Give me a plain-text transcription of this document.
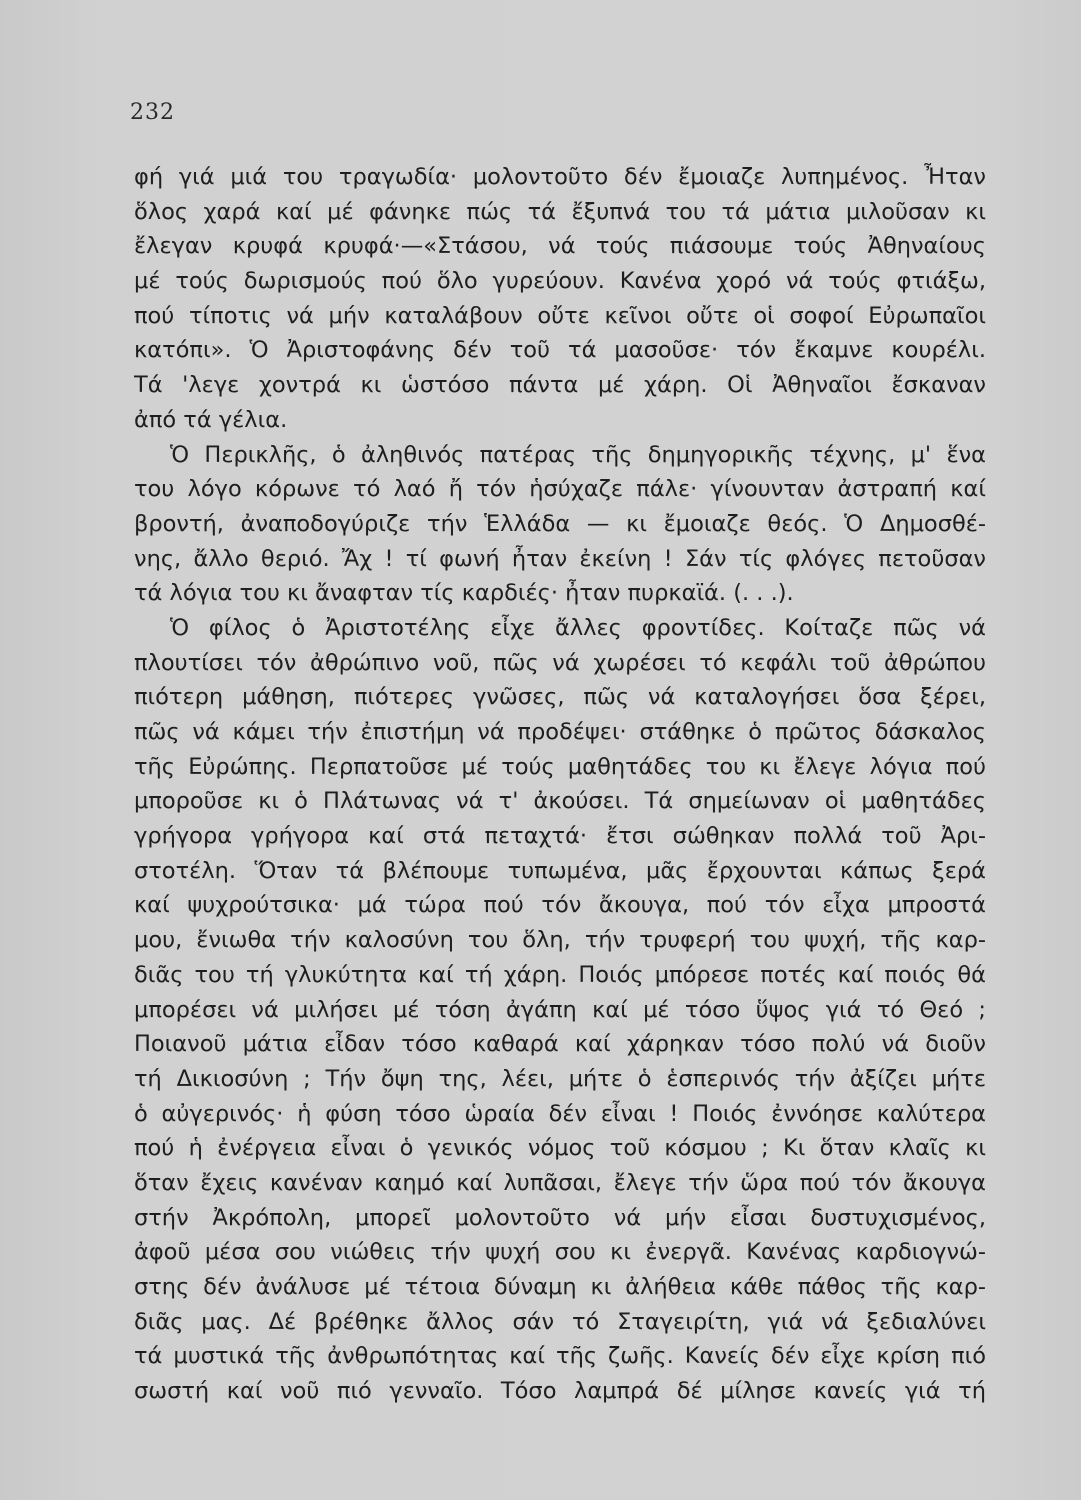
232
φή γιά μιά του τραγωδία· μολοντοῦτο δέν ἔμοιαζε λυπημένος. Ἦταν
ὅλος χαρά καί μέ φάνηκε πώς τά ἔξυπνά του τά μάτια μιλοῦσαν κι
ἔλεγαν κρυφά κρυφά·—«Στάσου, νά τούς πιάσουμε τούς Ἀθηναίους
μέ τούς δωρισμούς πού ὅλο γυρεύουν. Κανένα χορό νά τούς φτιάξω,
πού τίποτις νά μήν καταλάβουν οὔτε κεῖνοι οὔτε οἱ σοφοί Εὐρωπαῖοι
κατόπι». Ὁ Ἀριστοφάνης δέν τοῦ τά μασοῦσε· τόν ἔκαμνε κουρέλι.
Τά 'λεγε χοντρά κι ὡστόσο πάντα μέ χάρη. Οἱ Ἀθηναῖοι ἔσκαναν
ἀπό τά γέλια.
Ὁ Περικλῆς, ὁ ἀληθινός πατέρας τῆς δημηγορικῆς τέχνης, μ' ἕνα
του λόγο κόρωνε τό λαό ἤ τόν ἡσύχαζε πάλε· γίνουνταν ἀστραπή καί
βροντή, ἀναποδογύριζε τήν Ἑλλάδα — κι ἔμοιαζε θεός. Ὁ Δημοσθέ-
νης, ἄλλο θεριό. Ἄχ ! τί φωνή ἦταν ἐκείνη ! Σάν τίς φλόγες πετοῦσαν
τά λόγια του κι ἄναφταν τίς καρδιές· ἦταν πυρκαϊά. (. . .).
Ὁ φίλος ὁ Ἀριστοτέλης εἶχε ἄλλες φροντίδες. Κοίταζε πῶς νά
πλουτίσει τόν ἀθρώπινο νοῦ, πῶς νά χωρέσει τό κεφάλι τοῦ ἀθρώπου
πιότερη μάθηση, πιότερες γνῶσες, πῶς νά καταλογήσει ὅσα ξέρει,
πῶς νά κάμει τήν ἐπιστήμη νά προδέψει· στάθηκε ὁ πρῶτος δάσκαλος
τῆς Εὐρώπης. Περπατοῦσε μέ τούς μαθητάδες του κι ἔλεγε λόγια πού
μποροῦσε κι ὁ Πλάτωνας νά τ' ἀκούσει. Τά σημείωναν οἱ μαθητάδες
γρήγορα γρήγορα καί στά πεταχτά· ἔτσι σώθηκαν πολλά τοῦ Ἀρι-
στοτέλη. Ὅταν τά βλέπουμε τυπωμένα, μᾶς ἔρχουνται κάπως ξερά
καί ψυχρούτσικα· μά τώρα πού τόν ἄκουγα, πού τόν εἶχα μπροστά
μου, ἔνιωθα τήν καλοσύνη του ὅλη, τήν τρυφερή του ψυχή, τῆς καρ-
διᾶς του τή γλυκύτητα καί τή χάρη. Ποιός μπόρεσε ποτές καί ποιός θά
μπορέσει νά μιλήσει μέ τόση ἀγάπη καί μέ τόσο ὕψος γιά τό Θεό ;
Ποιανοῦ μάτια εἶδαν τόσο καθαρά καί χάρηκαν τόσο πολύ νά διοῦν
τή Δικιοσύνη ; Τήν ὄψη της, λέει, μήτε ὁ ἑσπερινός τήν ἀξίζει μήτε
ὁ αὐγερινός· ἡ φύση τόσο ὡραία δέν εἶναι ! Ποιός ἐννόησε καλύτερα
πού ἡ ἐνέργεια εἶναι ὁ γενικός νόμος τοῦ κόσμου ; Κι ὅταν κλαῖς κι
ὅταν ἔχεις κανέναν καημό καί λυπᾶσαι, ἔλεγε τήν ὥρα πού τόν ἄκουγα
στήν Ἀκρόπολη, μπορεῖ μολοντοῦτο νά μήν εἶσαι δυστυχισμένος,
ἀφοῦ μέσα σου νιώθεις τήν ψυχή σου κι ἐνεργᾶ. Κανένας καρδιογνώ-
στης δέν ἀνάλυσε μέ τέτοια δύναμη κι ἀλήθεια κάθε πάθος τῆς καρ-
διᾶς μας. Δέ βρέθηκε ἄλλος σάν τό Σταγειρίτη, γιά νά ξεδιαλύνει
τά μυστικά τῆς ἀνθρωπότητας καί τῆς ζωῆς. Κανείς δέν εἶχε κρίση πιό
σωστή καί νοῦ πιό γενναῖο. Τόσο λαμπρά δέ μίλησε κανείς γιά τή
